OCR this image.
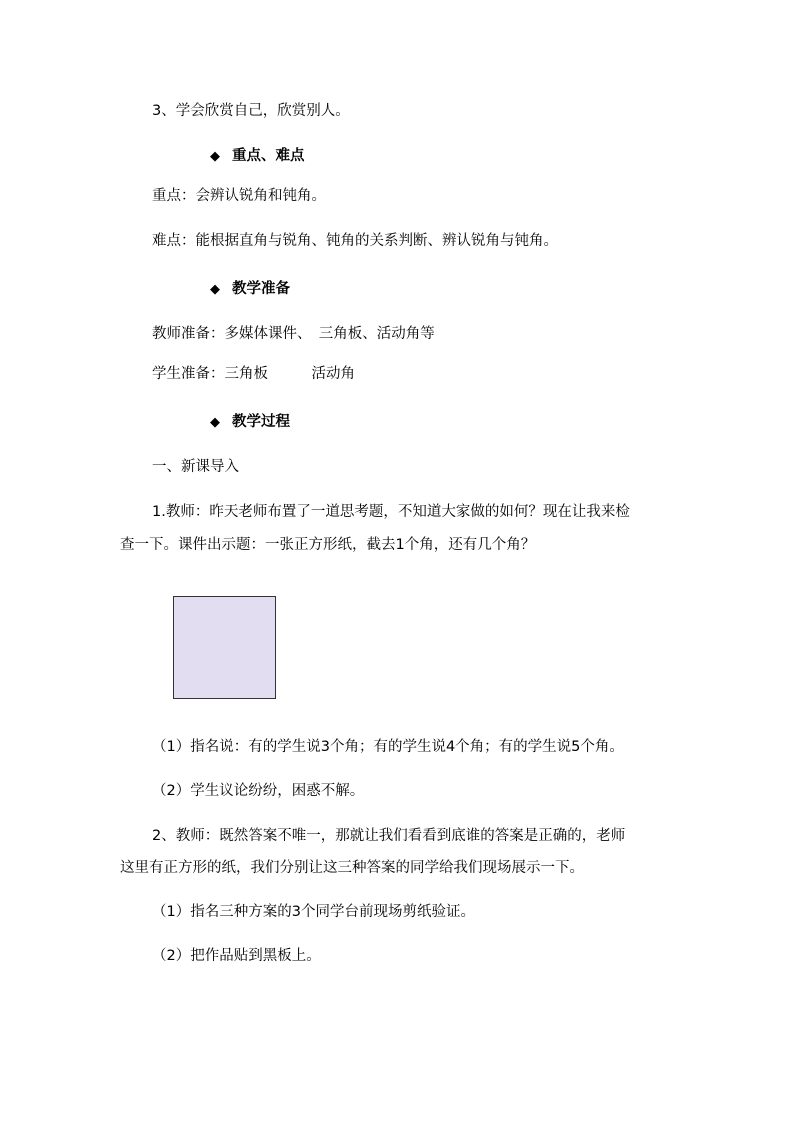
3、学会欣赏自己，欣赏别人。
◆ 重点、难点
重点：会辨认锐角和钝角。
难点：能根据直角与锐角、钝角的关系判断、辨认锐角与钝角。
◆ 教学准备
教师准备：多媒体课件、　三角板、活动角等
学生准备：三角板　　　活动角
◆ 教学过程
一、新课导入
1.教师：昨天老师布置了一道思考题，不知道大家做的如何？现在让我来检
查一下。课件出示题：一张正方形纸，截去1个角，还有几个角？
（1）指名说：有的学生说3个角；有的学生说4个角；有的学生说5个角。
（2）学生议论纷纷，困惑不解。
2、教师：既然答案不唯一，那就让我们看看到底谁的答案是正确的，老师
这里有正方形的纸，我们分别让这三种答案的同学给我们现场展示一下。
（1）指名三种方案的3个同学台前现场剪纸验证。
（2）把作品贴到黑板上。
